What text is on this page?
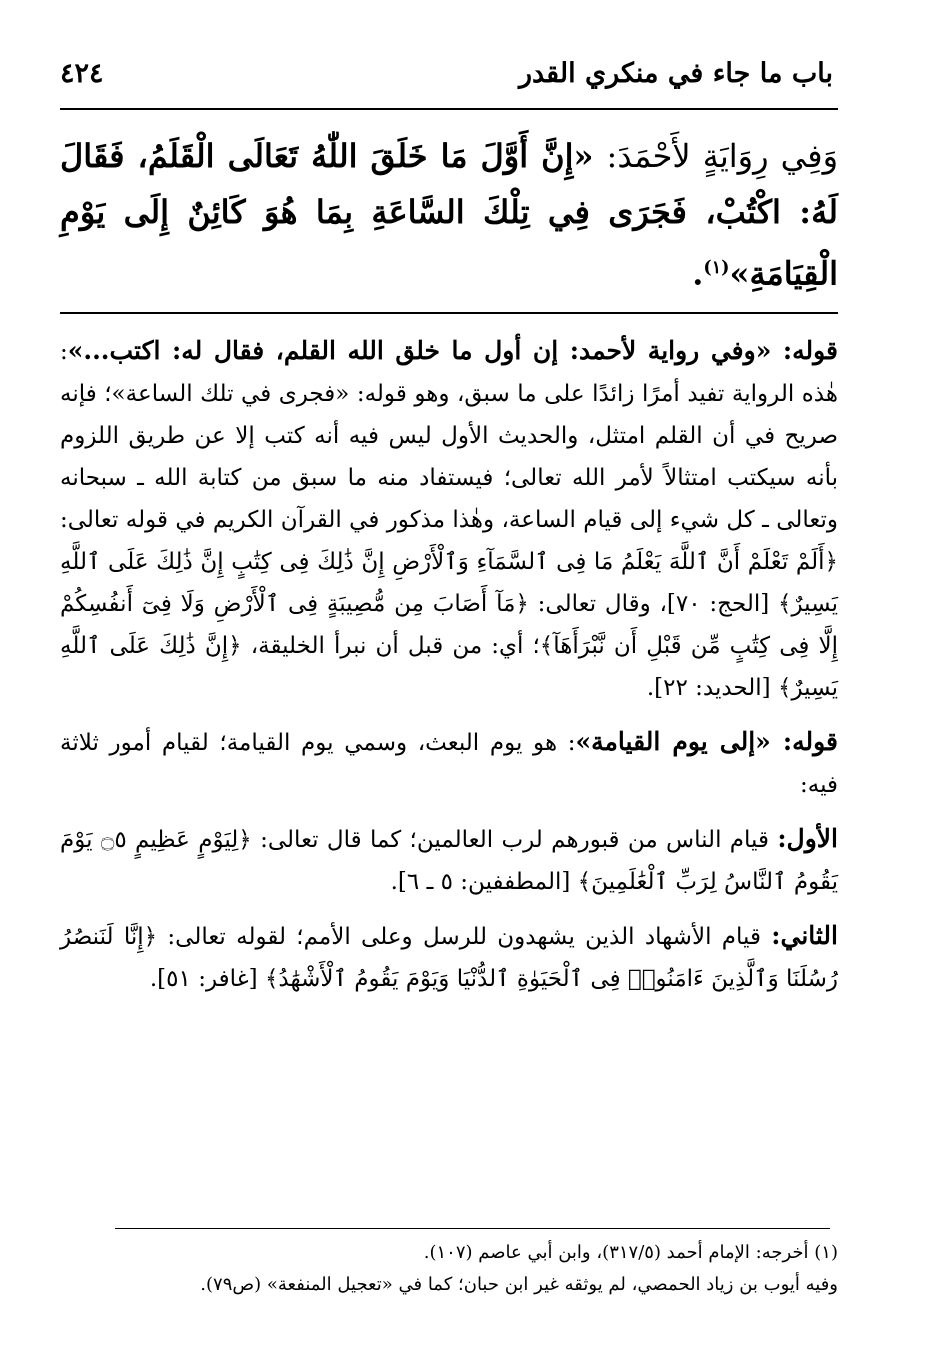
باب ما جاء في منكري القدر
٤٢٤
وَفِي رِوَايَةٍ لأَحْمَدَ: «إِنَّ أَوَّلَ مَا خَلَقَ اللّٰهُ تَعَالَى الْقَلَمُ، فَقَالَ لَهُ: اكْتُبْ، فَجَرَى فِي تِلْكَ السَّاعَةِ بِمَا هُوَ كَائِنٌ إِلَى يَوْمِ الْقِيَامَةِ»$^{(١)}$.

قوله: «وفي رواية لأحمد: إن أول ما خلق الله القلم، فقال له: اكتب...»: هٰذه الرواية تفيد أمرًا زائدًا على ما سبق، وهو قوله: «فجرى في تلك الساعة»؛ فإنه صريح في أن القلم امتثل، والحديث الأول ليس فيه أنه كتب إلا عن طريق اللزوم بأنه سيكتب امتثالاً لأمر الله تعالى؛ فيستفاد منه ما سبق من كتابة الله ـ سبحانه وتعالى ـ كل شيء إلى قيام الساعة، وهٰذا مذكور في القرآن الكريم في قوله تعالى: ﴿أَلَمْ تَعْلَمْ أَنَّ ٱللَّهَ يَعْلَمُ مَا فِى ٱلسَّمَآءِ وَٱلْأَرْضِ إِنَّ ذَٰلِكَ فِى كِتَٰبٍ إِنَّ ذَٰلِكَ عَلَى ٱللَّهِ يَسِيرٌ﴾ [الحج: ٧٠]، وقال تعالى: ﴿مَآ أَصَابَ مِن مُّصِيبَةٍ فِى ٱلْأَرْضِ وَلَا فِىٓ أَنفُسِكُمْ إِلَّا فِى كِتَٰبٍ مِّن قَبْلِ أَن نَّبْرَأَهَآ﴾؛ أي: من قبل أن نبرأ الخليقة، ﴿إِنَّ ذَٰلِكَ عَلَى ٱللَّهِ يَسِيرٌ﴾ [الحديد: ٢٢].

قوله: «إلى يوم القيامة»: هو يوم البعث، وسمي يوم القيامة؛ لقيام أمور ثلاثة فيه:

الأول: قيام الناس من قبورهم لرب العالمين؛ كما قال تعالى: ﴿لِيَوْمٍ عَظِيمٍ ۝٥ يَوْمَ يَقُومُ ٱلنَّاسُ لِرَبِّ ٱلْعَٰلَمِينَ﴾ [المطففين: ٥ ـ ٦].

الثاني: قيام الأشهاد الذين يشهدون للرسل وعلى الأمم؛ لقوله تعالى: ﴿إِنَّا لَنَنصُرُ رُسُلَنَا وَٱلَّذِينَ ءَامَنُوا۟ فِى ٱلْحَيَوٰةِ ٱلدُّنْيَا وَيَوْمَ يَقُومُ ٱلْأَشْهَٰدُ﴾ [غافر: ٥١].

(١) أخرجه: الإمام أحمد (٣١٧/٥)، وابن أبي عاصم (١٠٧).

وفيه أيوب بن زياد الحمصي، لم يوثقه غير ابن حبان؛ كما في «تعجيل المنفعة» (ص٧٩).
